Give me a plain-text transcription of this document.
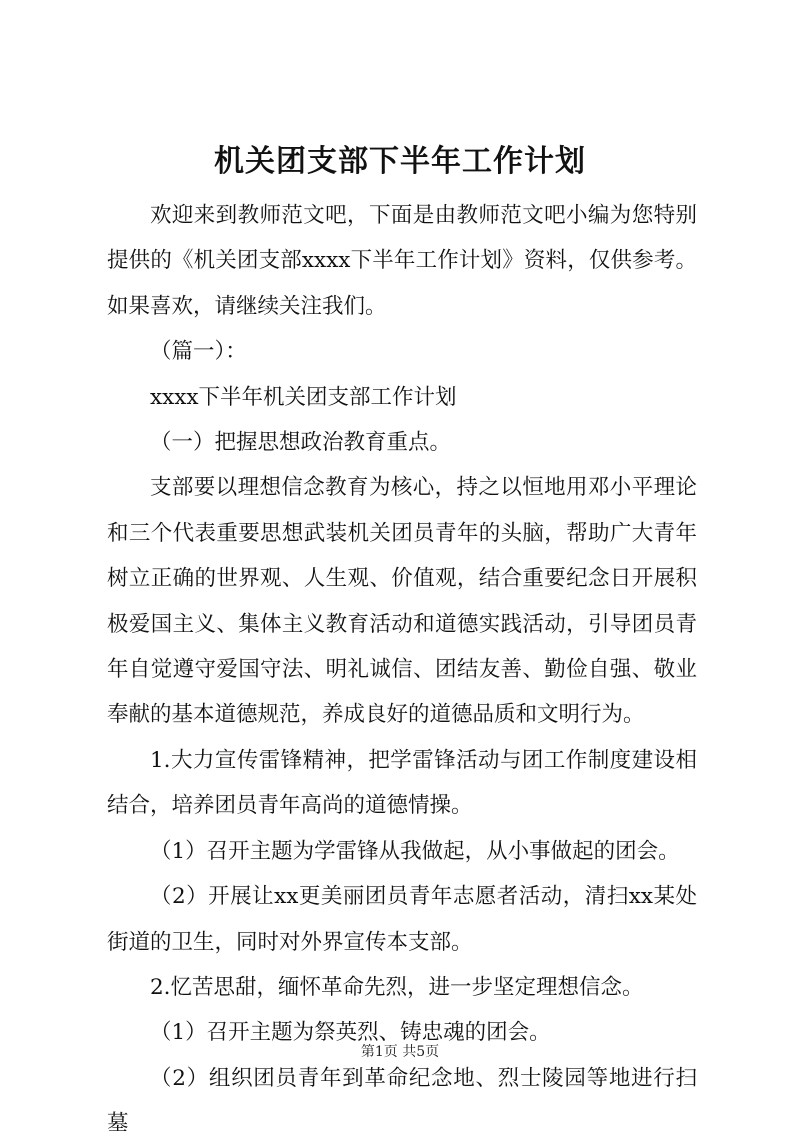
机关团支部下半年工作计划

欢迎来到教师范文吧，下面是由教师范文吧小编为您特别提供的《机关团支部xxxx下半年工作计划》资料，仅供参考。如果喜欢，请继续关注我们。

（篇一）：

xxxx下半年机关团支部工作计划

（一）把握思想政治教育重点。

支部要以理想信念教育为核心，持之以恒地用邓小平理论和三个代表重要思想武装机关团员青年的头脑，帮助广大青年树立正确的世界观、人生观、价值观，结合重要纪念日开展积极爱国主义、集体主义教育活动和道德实践活动，引导团员青年自觉遵守爱国守法、明礼诚信、团结友善、勤俭自强、敬业奉献的基本道德规范，养成良好的道德品质和文明行为。

1.大力宣传雷锋精神，把学雷锋活动与团工作制度建设相结合，培养团员青年高尚的道德情操。

（1）召开主题为学雷锋从我做起，从小事做起的团会。

（2）开展让xx更美丽团员青年志愿者活动，清扫xx某处街道的卫生，同时对外界宣传本支部。

2.忆苦思甜，缅怀革命先烈，进一步坚定理想信念。

（1）召开主题为祭英烈、铸忠魂的团会。

（2）组织团员青年到革命纪念地、烈士陵园等地进行扫墓

第1页 共5页
